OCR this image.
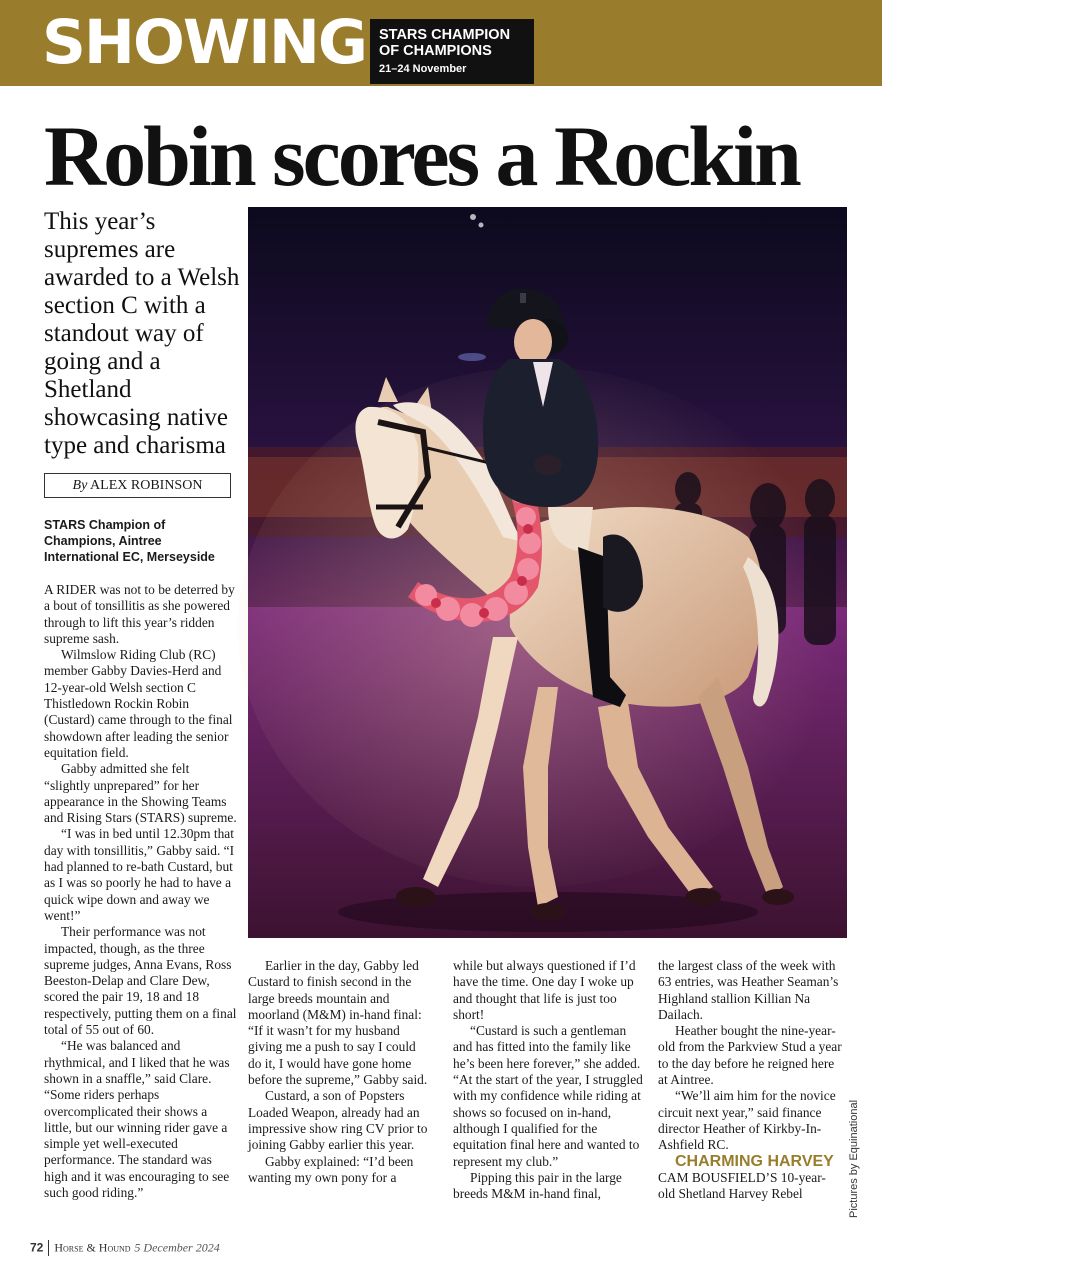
SHOWING STARS CHAMPION OF CHAMPIONS
21–24 November
Robin scores a Rockin
This year’s supremes are awarded to a Welsh section C with a standout way of going and a Shetland showcasing native type and charisma
By ALEX ROBINSON
STARS Champion of Champions, Aintree International EC, Merseyside

A RIDER was not to be deterred by a bout of tonsillitis as she powered through to lift this year’s ridden supreme sash.

Wilmslow Riding Club (RC) member Gabby Davies-Herd and 12-year-old Welsh section C Thistledown Rockin Robin (Custard) came through to the final showdown after leading the senior equitation field.

Gabby admitted she felt “slightly unprepared” for her appearance in the Showing Teams and Rising Stars (STARS) supreme.

“I was in bed until 12.30pm that day with tonsillitis,” Gabby said. “I had planned to re-bath Custard, but as I was so poorly he had to have a quick wipe down and away we went!”

Their performance was not impacted, though, as the three supreme judges, Anna Evans, Ross Beeston-Delap and Clare Dew, scored the pair 19, 18 and 18 respectively, putting them on a final total of 55 out of 60.

“He was balanced and rhythmical, and I liked that he was shown in a snaffle,” said Clare. “Some riders perhaps overcomplicated their shows a little, but our winning rider gave a simple yet well-executed performance. The standard was high and it was encouraging to see such good riding.”

Earlier in the day, Gabby led Custard to finish second in the large breeds mountain and moorland (M&M) in-hand final: “If it wasn’t for my husband giving me a push to say I could do it, I would have gone home before the supreme,” Gabby said.

Custard, a son of Popsters Loaded Weapon, already had an impressive show ring CV prior to joining Gabby earlier this year.

Gabby explained: “I’d been wanting my own pony for a

while but always questioned if I’d have the time. One day I woke up and thought that life is just too short!

“Custard is such a gentleman and has fitted into the family like he’s been here forever,” she added. “At the start of the year, I struggled with my confidence while riding at shows so focused on in-hand, although I qualified for the equitation final here and wanted to represent my club.”

Pipping this pair in the large breeds M&M in-hand final,

the largest class of the week with 63 entries, was Heather Seaman’s Highland stallion Killian Na Dailach.

Heather bought the nine-year-old from the Parkview Stud a year to the day before he reigned here at Aintree.

“We’ll aim him for the novice circuit next year,” said finance director Heather of Kirkby-In-Ashfield RC.

CHARMING HARVEY

CAM BOUSFIELD’S 10-year-old Shetland Harvey Rebel

“Gentleman” Thistledown Rockin Robin shines in the supreme for Gabby Herd-Davies, after clinching the senior equitation spoils
Pictures by Equinational
72 Horse & Hound 5 December 2024
